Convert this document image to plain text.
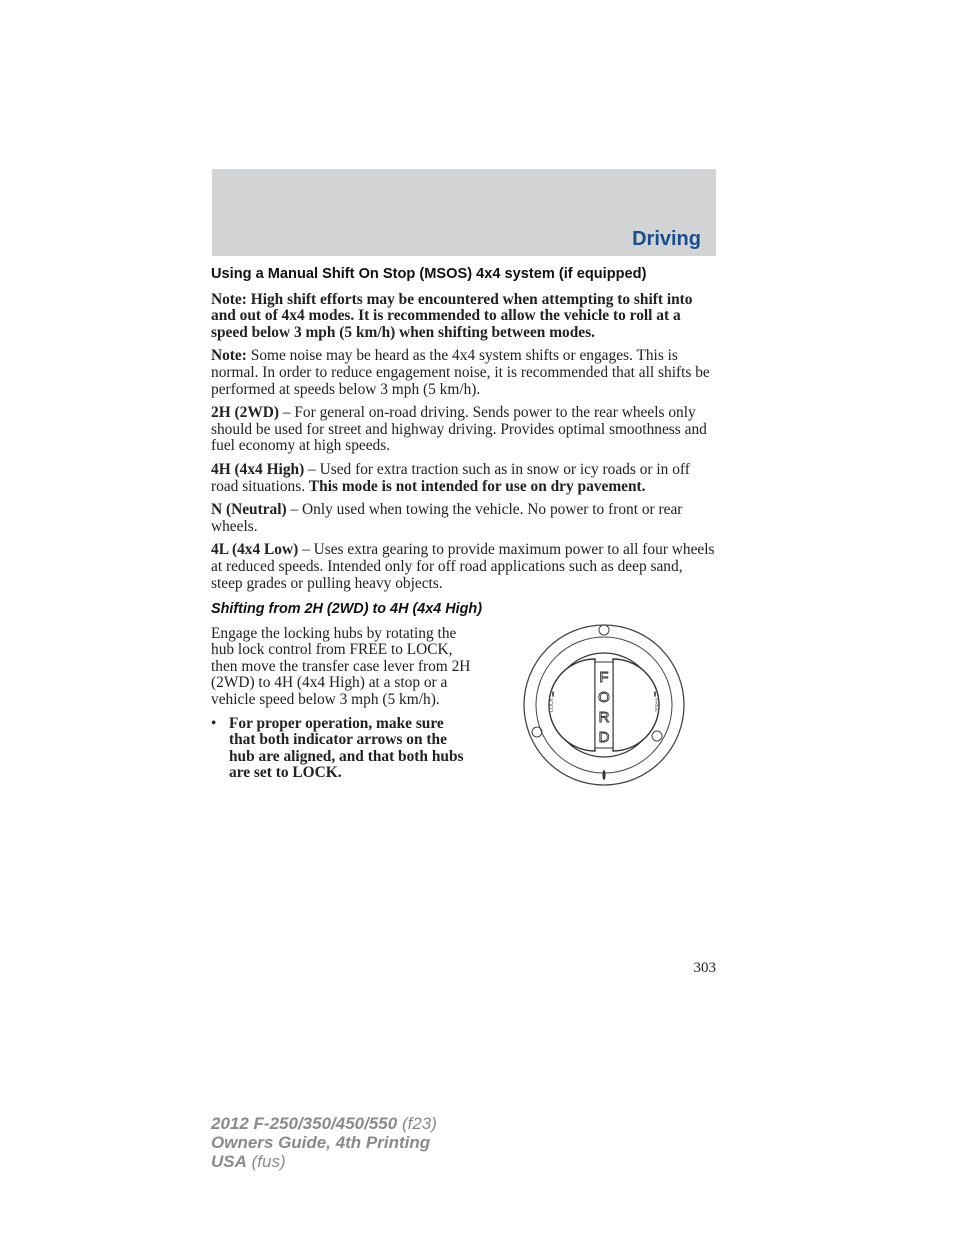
Driving
Using a Manual Shift On Stop (MSOS) 4x4 system (if equipped)

Note: High shift efforts may be encountered when attempting to shift into and out of 4x4 modes. It is recommended to allow the vehicle to roll at a speed below 3 mph (5 km/h) when shifting between modes.

Note: Some noise may be heard as the 4x4 system shifts or engages. This is normal. In order to reduce engagement noise, it is recommended that all shifts be performed at speeds below 3 mph (5 km/h).

2H (2WD) – For general on-road driving. Sends power to the rear wheels only should be used for street and highway driving. Provides optimal smoothness and fuel economy at high speeds.

4H (4x4 High) – Used for extra traction such as in snow or icy roads or in off road situations. This mode is not intended for use on dry pavement.

N (Neutral) – Only used when towing the vehicle. No power to front or rear wheels.

4L (4x4 Low) – Uses extra gearing to provide maximum power to all four wheels at reduced speeds. Intended only for off road applications such as deep sand, steep grades or pulling heavy objects.

Shifting from 2H (2WD) to 4H (4x4 High)
Engage the locking hubs by rotating the hub lock control from FREE to LOCK, then move the transfer case lever from 2H (2WD) to 4H (4x4 High) at a stop or a vehicle speed below 3 mph (5 km/h).
• For proper operation, make sure that both indicator arrows on the hub are aligned, and that both hubs are set to LOCK.
F
O
R
D
LOCK	FREE
303
2012 F-250/350/450/550 (f23)
Owners Guide, 4th Printing
USA (fus)
